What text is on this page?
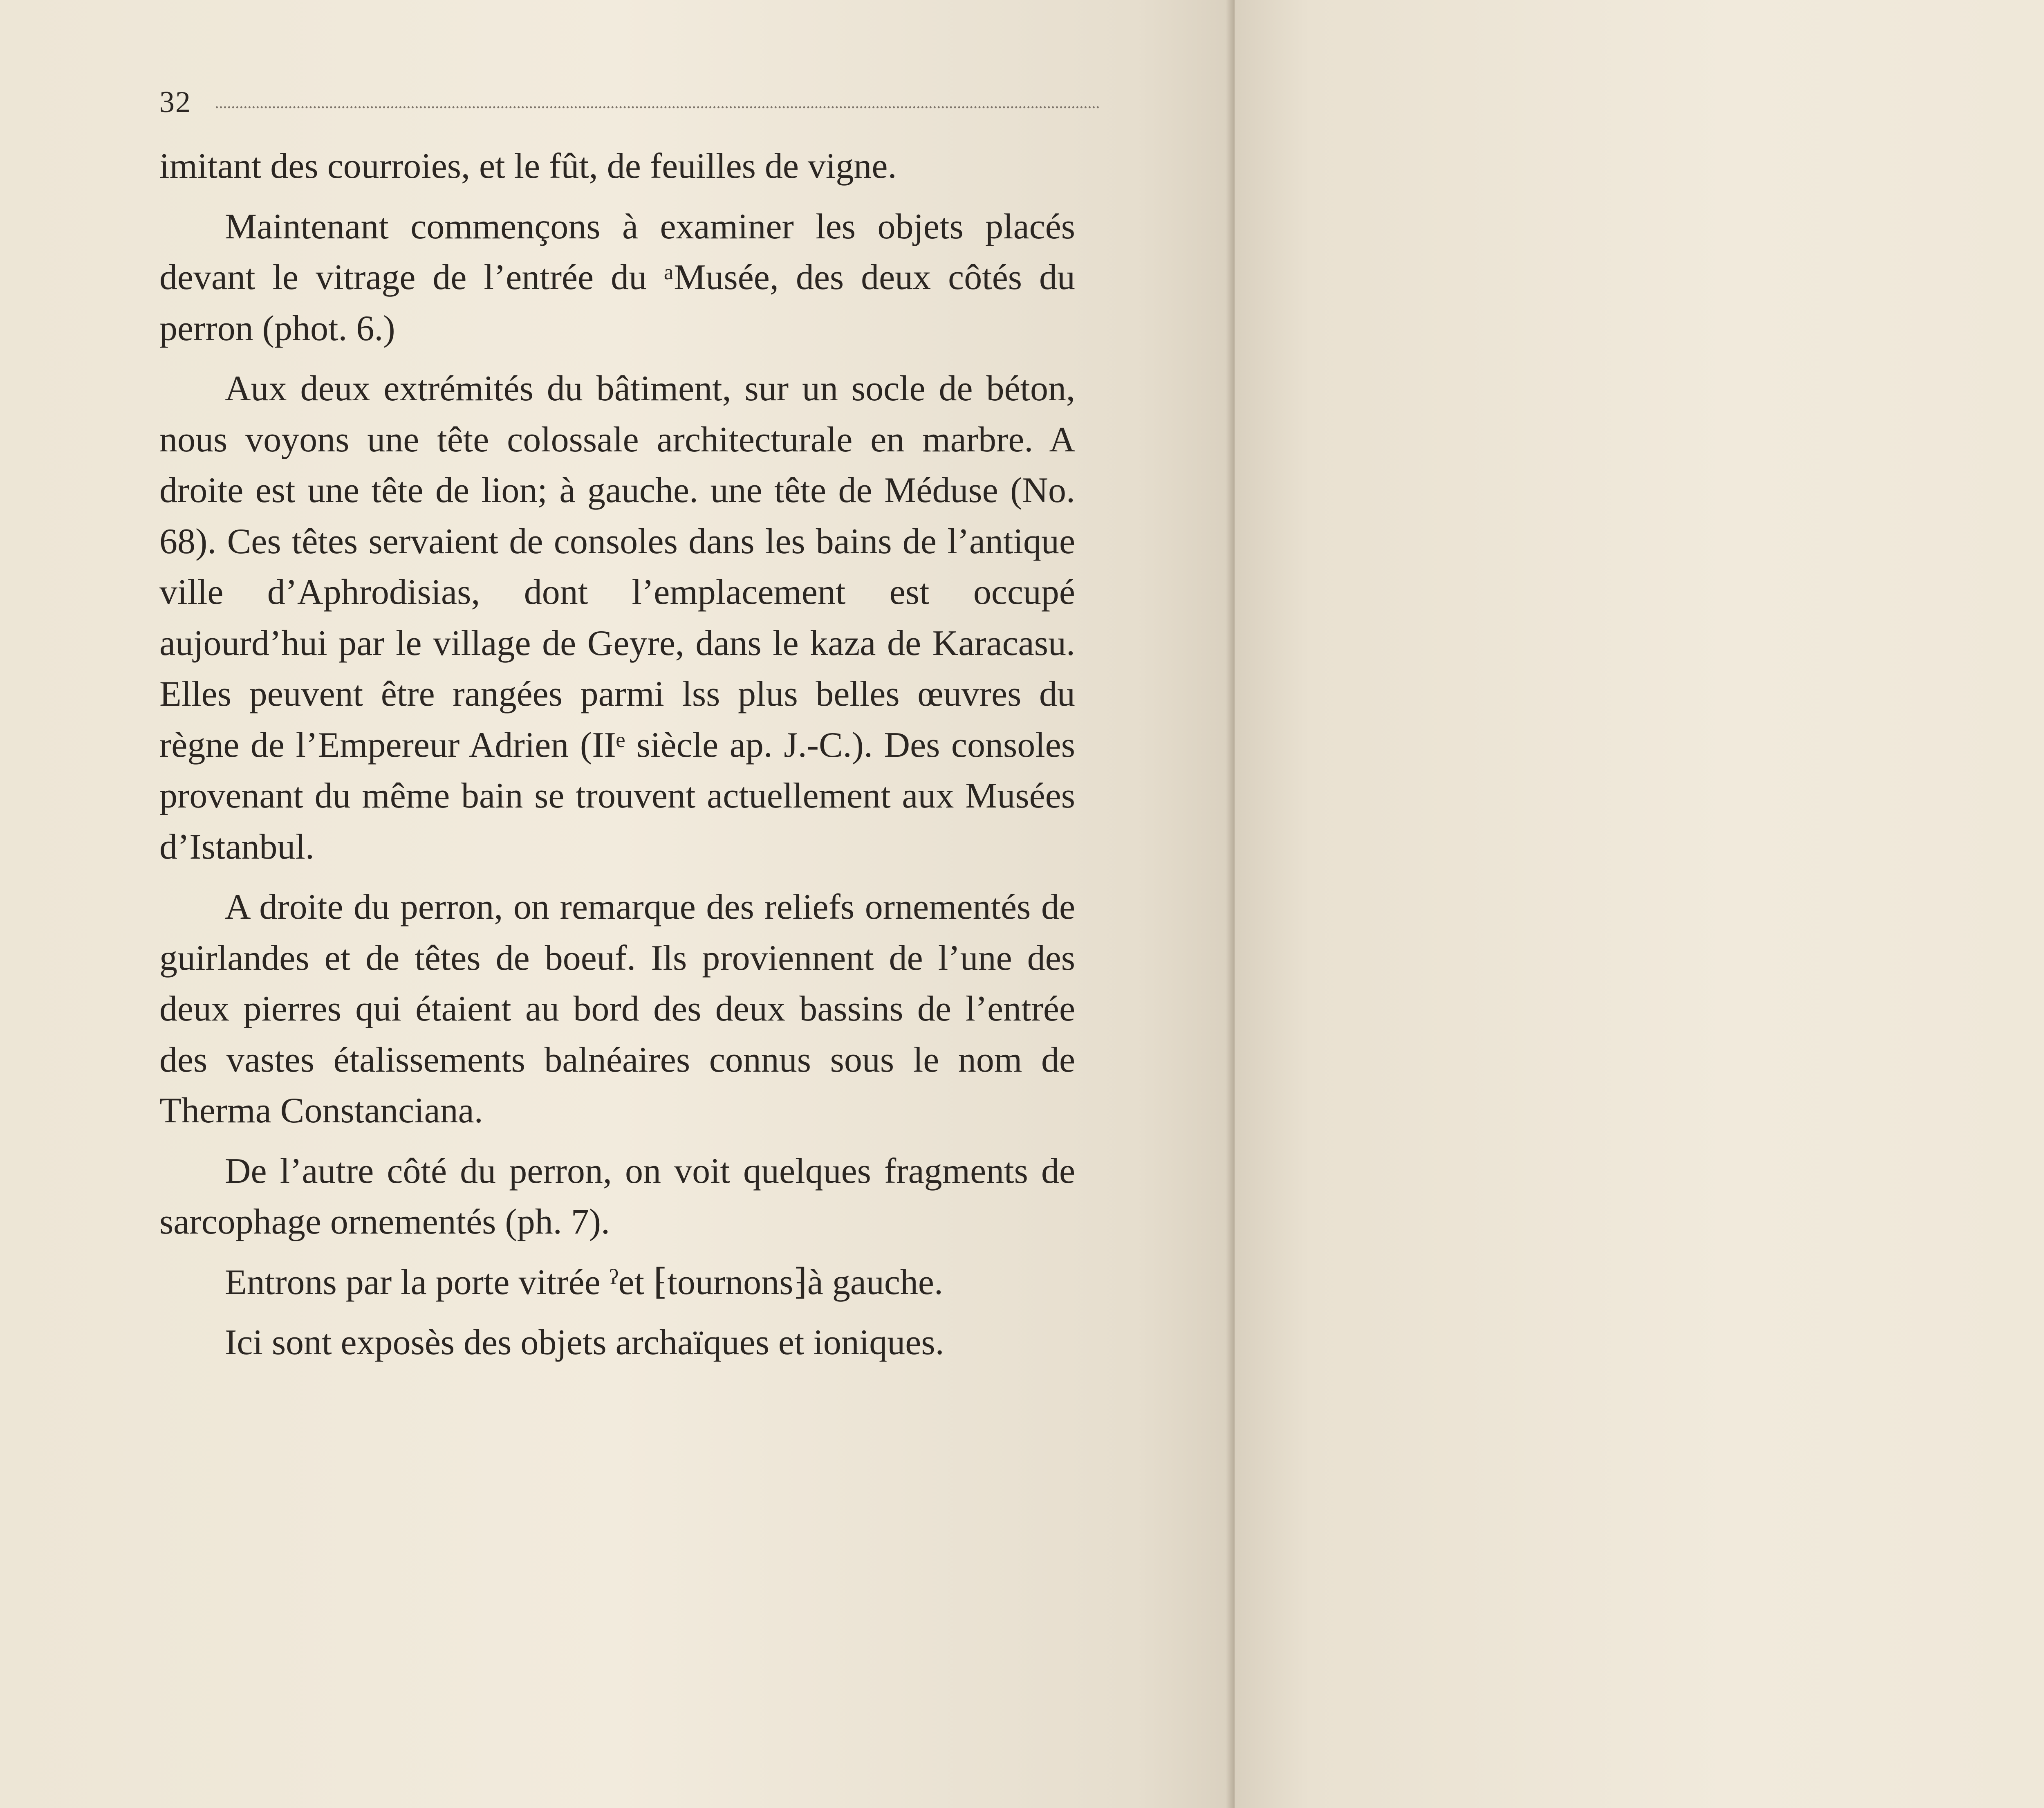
32

imitant des courroies, et le fût, de feuilles de vigne.

Maintenant commençons à examiner les objets placés devant le vitrage de l’entrée du ᵃMusée, des deux côtés du perron (phot. 6.)

Aux deux extrémités du bâtiment, sur un socle de béton, nous voyons une tête colossale architecturale en marbre. A droite est une tête de lion; à gauche. une tête de Méduse (No. 68). Ces têtes servaient de consoles dans les bains de l’antique ville d’Aphrodisias, dont l’emplacement est occupé aujourd’hui par le village de Geyre, dans le kaza de Karacasu. Elles peuvent être rangées parmi lss plus belles œuvres du règne de l’Empereur Adrien (IIᵉ siècle ap. J.-C.). Des consoles provenant du même bain se trouvent actuellement aux Musées d’Istanbul.

A droite du perron, on remarque des reliefs ornementés de guirlandes et de têtes de boeuf. Ils proviennent de l’une des deux pierres qui étaient au bord des deux bassins de l’entrée des vastes étalissements balnéaires connus sous le nom de Therma Constanciana.

De l’autre côté du perron, on voit quelques fragments de sarcophage ornementés (ph. 7).

Entrons par la porte vitrée ˀet ⁅tournons⁆à gauche.

Ici sont exposès des objets archaïques et ioniques.
